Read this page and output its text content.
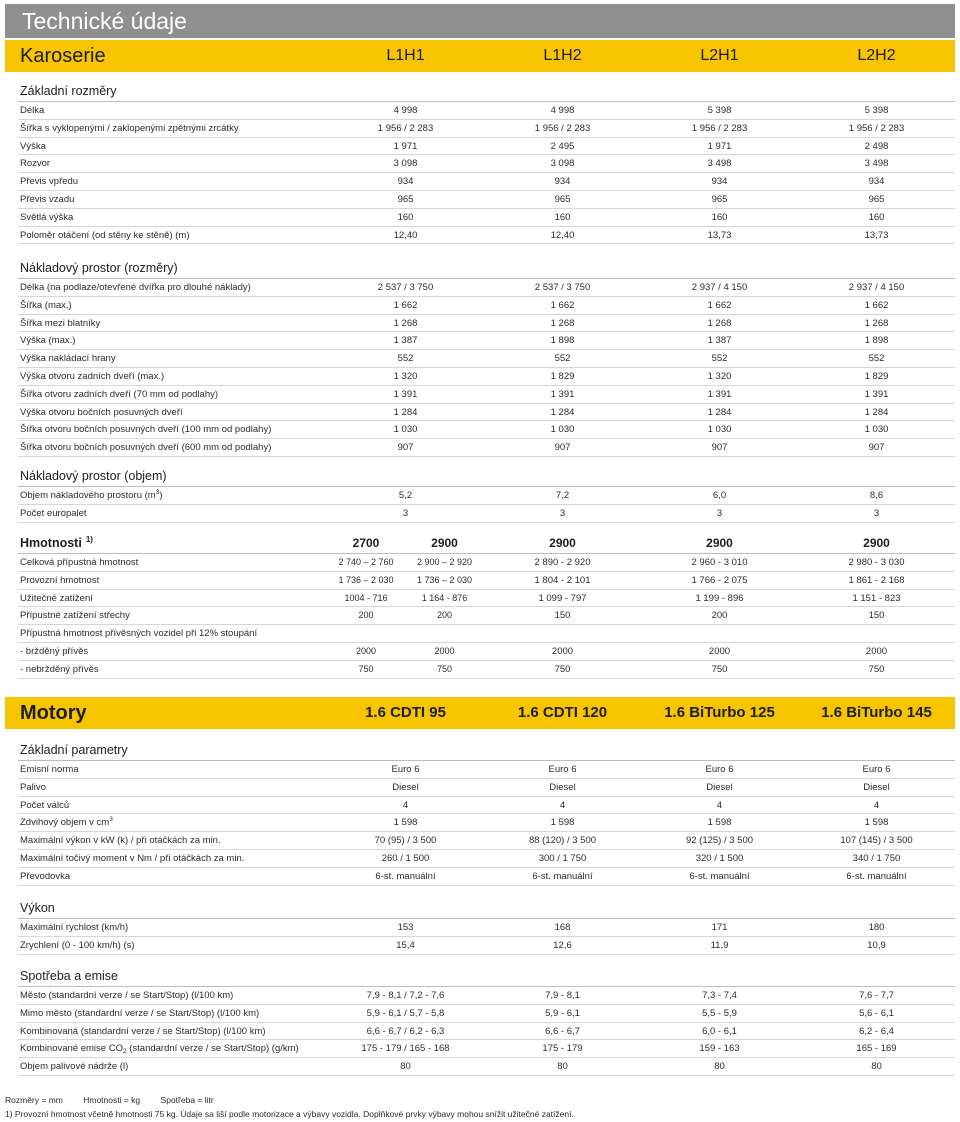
Technické údaje
Karoserie	L1H1	L1H2	L2H1	L2H2
Základní rozměry
Délka	4 998	4 998	5 398	5 398
Šířka s vyklopenými / zaklopenými zpětnými zrcátky	1 956 / 2 283	1 956 / 2 283	1 956 / 2 283	1 956 / 2 283
Výška	1 971	2 495	1 971	2 498
Rozvor	3 098	3 098	3 498	3 498
Převis vpředu	934	934	934	934
Převis vzadu	965	965	965	965
Světlá výška	160	160	160	160
Poloměr otáčení (od stěny ke stěně) (m)	12,40	12,40	13,73	13,73
Nákladový prostor (rozměry)
Délka (na podlaze/otevřené dvířka pro dlouhé náklady)	2 537 / 3 750	2 537 / 3 750	2 937 / 4 150	2 937 / 4 150
Šířka (max.)	1 662	1 662	1 662	1 662
Šířka mezi blatníky	1 268	1 268	1 268	1 268
Výška (max.)	1 387	1 898	1 387	1 898
Výška nakládací hrany	552	552	552	552
Výška otvoru zadních dveří (max.)	1 320	1 829	1 320	1 829
Šířka otvoru zadních dveří (70 mm od podlahy)	1 391	1 391	1 391	1 391
Výška otvoru bočních posuvných dveří	1 284	1 284	1 284	1 284
Šířka otvoru bočních posuvných dveří (100 mm od podlahy)	1 030	1 030	1 030	1 030
Šířka otvoru bočních posuvných dveří (600 mm od podlahy)	907	907	907	907
Nákladový prostor (objem)
Objem nákladového prostoru $(m^3)$	5,2	7,2	6,0	8,6
Počet europalet	3	3	3	3
Hmotnosti $^{1)}$	2700	2900	2900	2900	2900
Celková přípustná hmotnost	2 740 – 2 760	2 900 – 2 920	2 890 - 2 920	2 960 - 3 010	2 980 - 3 030
Provozní hmotnost	1 736 – 2 030	1 736 – 2 030	1 804 - 2 101	1 766 - 2 075	1 861 - 2 168
Užitečné zatížení	1004 - 716	1 164 - 876	1 099 - 797	1 199 - 896	1 151 - 823
Přípustné zatížení střechy	200	200	150	200	150
Přípustná hmotnost přívěsných vozidel při 12% stoupání
- bržděný přívěs	2000	2000	2000	2000	2000
- nebržděný přívěs	750	750	750	750	750
Motory	1.6 CDTI 95	1.6 CDTI 120	1.6 BiTurbo 125	1.6 BiTurbo 145
Základní parametry
Emisní norma	Euro 6	Euro 6	Euro 6	Euro 6
Palivo	Diesel	Diesel	Diesel	Diesel
Počet válců	4	4	4	4
Zdvihový objem v $cm^3$	1 598	1 598	1 598	1 598
Maximální výkon v kW (k) / při otáčkách za min.	70 (95) / 3 500	88 (120) / 3 500	92 (125) / 3 500	107 (145) / 3 500
Maximální točivý moment v Nm / při otáčkách za min.	260 / 1 500	300 / 1 750	320 / 1 500	340 / 1 750
Převodovka	6-st. manuální	6-st. manuální	6-st. manuální	6-st. manuální
Výkon
Maximální rychlost (km/h)	153	168	171	180
Zrychlení (0 - 100 km/h) (s)	15,4	12,6	11,9	10,9
Spotřeba a emise
Město (standardní verze / se Start/Stop) (l/100 km)	7,9 - 8,1 / 7,2 - 7,6	7,9 - 8,1	7,3 - 7,4	7,6 - 7,7
Mimo město (standardní verze / se Start/Stop) (l/100 km)	5,9 - 6,1 / 5,7 - 5,8	5,9 - 6,1	5,5 - 5,9	5,6 - 6,1
Kombinovaná (standardní verze / se Start/Stop) (l/100 km)	6,6 - 6,7 / 6,2 - 6,3	6,6 - 6,7	6,0 - 6,1	6,2 - 6,4
Kombinované emise $CO_2$ (standardní verze / se Start/Stop) (g/km)	175 - 179 / 165 - 168	175 - 179	159 - 163	165 - 169
Objem palivové nádrže (l)	80	80	80	80
Rozměry = mm Hmotnosti = kg Spotřeba = litr
1) Provozní hmotnost včetně hmotnosti 75 kg. Údaje sa liší podle motorizace a výbavy vozidla. Doplňkové prvky výbavy mohou snížit užitečné zatížení.
